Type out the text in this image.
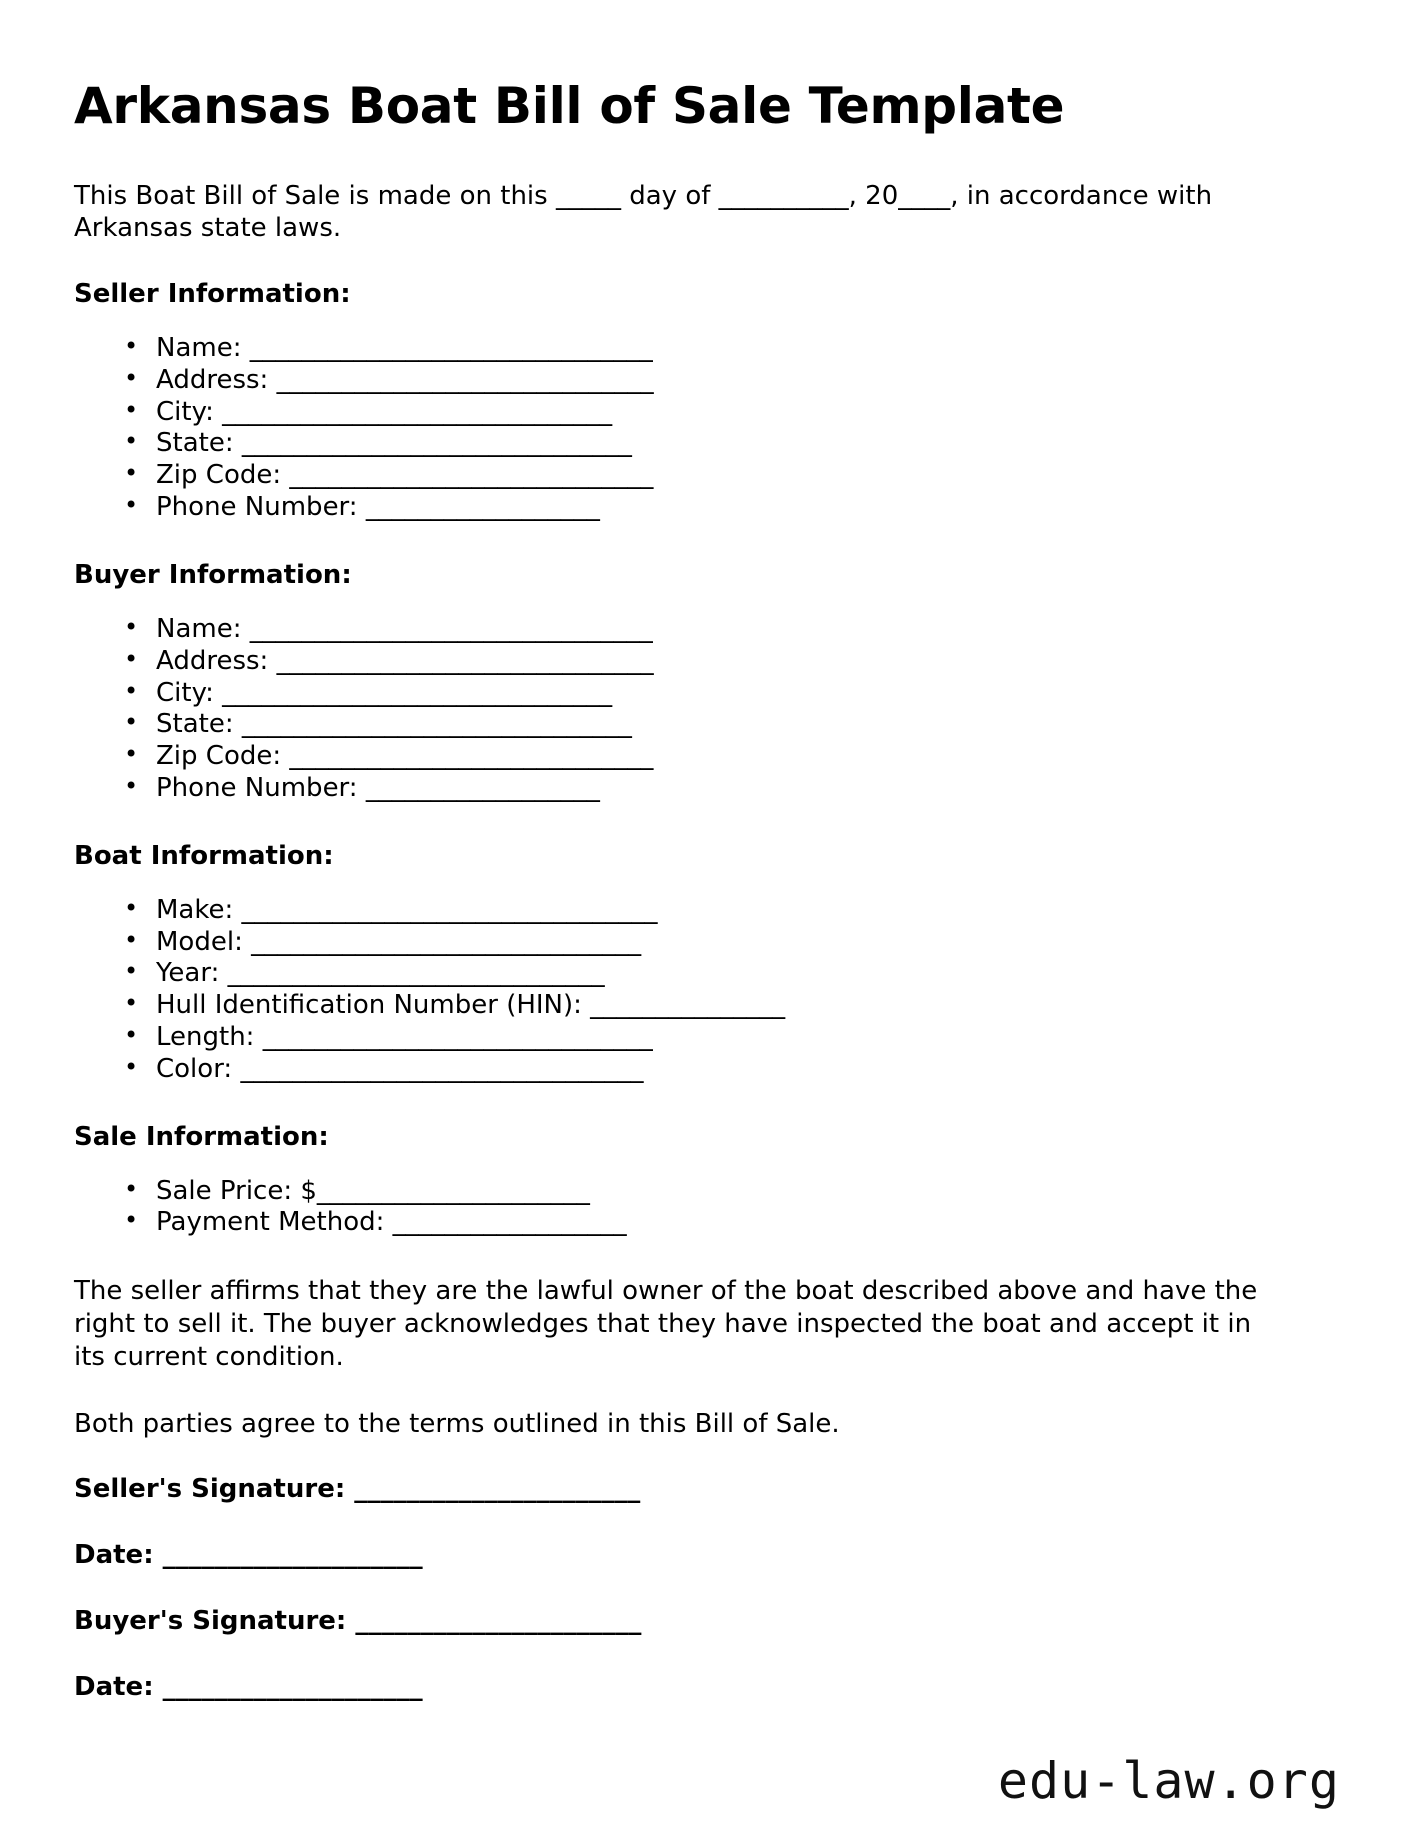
Arkansas Boat Bill of Sale Template

This Boat Bill of Sale is made on this _____ day of __________, 20____, in accordance with Arkansas state laws.

Seller Information:
• Name: _______________________________
• Address: _____________________________
• City: ______________________________
• State: ______________________________
• Zip Code: ____________________________
• Phone Number: __________________
Buyer Information:
• Name: _______________________________
• Address: _____________________________
• City: ______________________________
• State: ______________________________
• Zip Code: ____________________________
• Phone Number: __________________
Boat Information:
• Make: ________________________________
• Model: ______________________________
• Year: _____________________________
• Hull Identification Number (HIN): _______________
• Length: ______________________________
• Color: _______________________________
Sale Information:
• Sale Price: $_____________________
• Payment Method: __________________

The seller affirms that they are the lawful owner of the boat described above and have the right to sell it. The buyer acknowledges that they have inspected the boat and accept it in its current condition.

Both parties agree to the terms outlined in this Bill of Sale.

Seller's Signature: ______________________
Date: ____________________
Buyer's Signature: ______________________
Date: ____________________
edu-law.org
